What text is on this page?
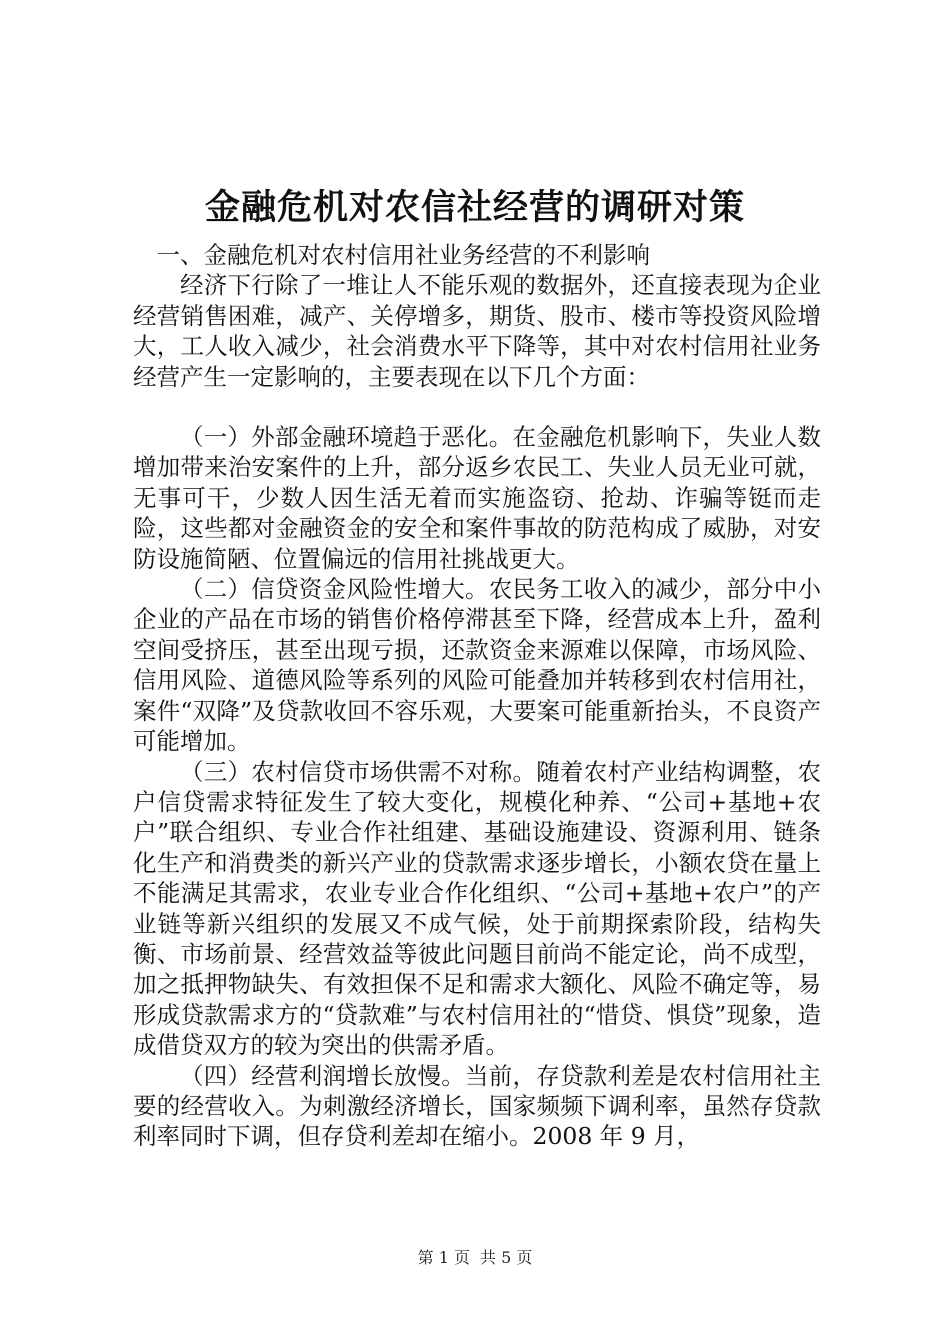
金融危机对农信社经营的调研对策

一、金融危机对农村信用社业务经营的不利影响

经济下行除了一堆让人不能乐观的数据外，还直接表现为企业经营销售困难，减产、关停增多，期货、股市、楼市等投资风险增大，工人收入减少，社会消费水平下降等，其中对农村信用社业务经营产生一定影响的，主要表现在以下几个方面：

（一）外部金融环境趋于恶化。在金融危机影响下，失业人数增加带来治安案件的上升，部分返乡农民工、失业人员无业可就，无事可干，少数人因生活无着而实施盗窃、抢劫、诈骗等铤而走险，这些都对金融资金的安全和案件事故的防范构成了威胁，对安防设施简陋、位置偏远的信用社挑战更大。

（二）信贷资金风险性增大。农民务工收入的减少，部分中小企业的产品在市场的销售价格停滞甚至下降，经营成本上升，盈利空间受挤压，甚至出现亏损，还款资金来源难以保障，市场风险、信用风险、道德风险等系列的风险可能叠加并转移到农村信用社，案件“双降”及贷款收回不容乐观，大要案可能重新抬头，不良资产可能增加。

（三）农村信贷市场供需不对称。随着农村产业结构调整，农户信贷需求特征发生了较大变化，规模化种养、“公司+基地+农户”联合组织、专业合作社组建、基础设施建设、资源利用、链条化生产和消费类的新兴产业的贷款需求逐步增长，小额农贷在量上不能满足其需求，农业专业合作化组织、“公司+基地+农户”的产业链等新兴组织的发展又不成气候，处于前期探索阶段，结构失衡、市场前景、经营效益等彼此问题目前尚不能定论，尚不成型，加之抵押物缺失、有效担保不足和需求大额化、风险不确定等，易形成贷款需求方的“贷款难”与农村信用社的“惜贷、惧贷”现象，造成借贷双方的较为突出的供需矛盾。

（四）经营利润增长放慢。当前，存贷款利差是农村信用社主要的经营收入。为刺激经济增长，国家频频下调利率，虽然存贷款利率同时下调，但存贷利差却在缩小。2008 年 9 月，

第 1 页 共 5 页
